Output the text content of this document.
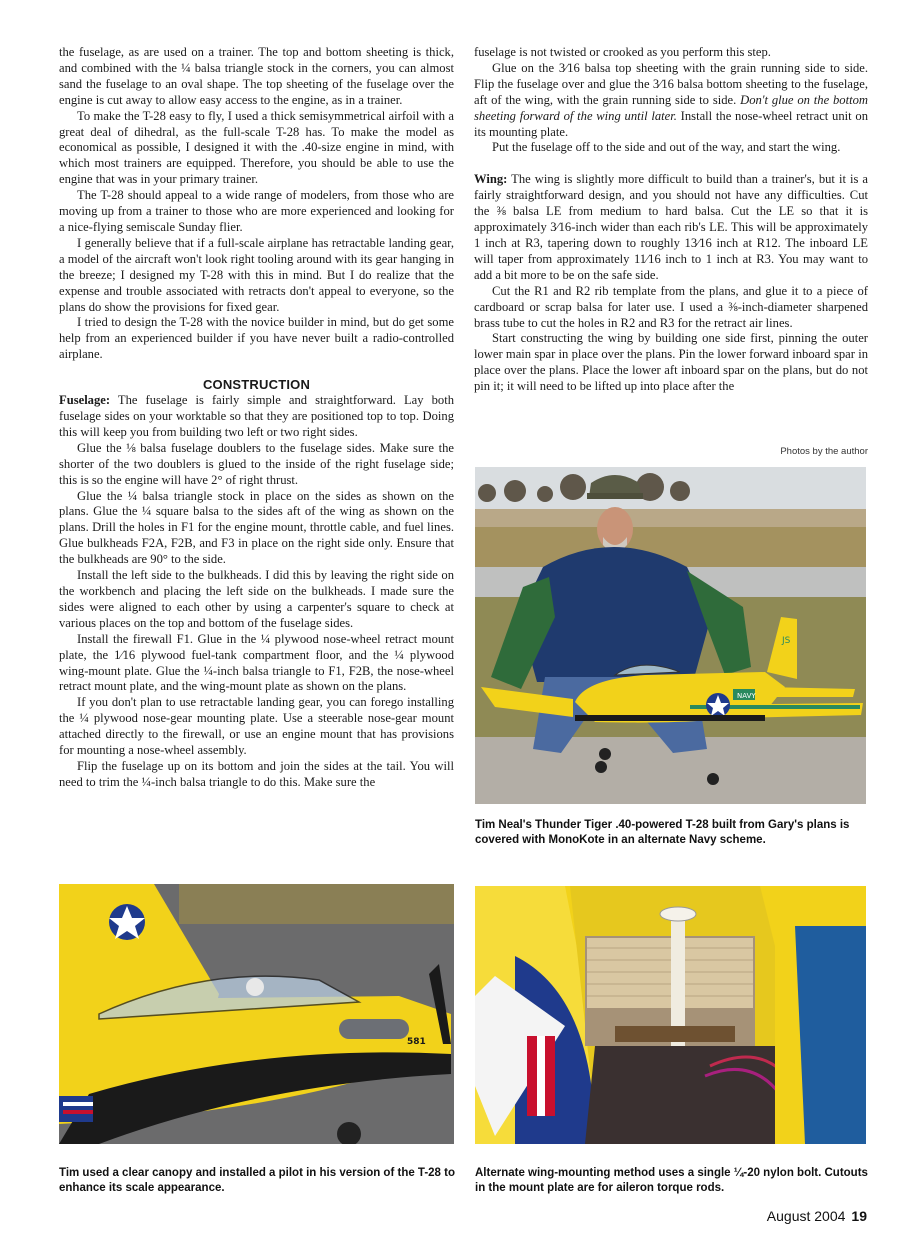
the fuselage, as are used on a trainer. The top and bottom sheeting is thick, and combined with the ¼ balsa triangle stock in the corners, you can almost sand the fuselage to an oval shape. The top sheeting of the fuselage over the engine is cut away to allow easy access to the engine, as in a trainer.

To make the T-28 easy to fly, I used a thick semisymmetrical airfoil with a great deal of dihedral, as the full-scale T-28 has. To make the model as economical as possible, I designed it with the .40-size engine in mind, with which most trainers are equipped. Therefore, you should be able to use the engine that was in your primary trainer.

The T-28 should appeal to a wide range of modelers, from those who are moving up from a trainer to those who are more experienced and looking for a nice-flying semiscale Sunday flier.

I generally believe that if a full-scale airplane has retractable landing gear, a model of the aircraft won't look right tooling around with its gear hanging in the breeze; I designed my T-28 with this in mind. But I do realize that the expense and trouble associated with retracts don't appeal to everyone, so the plans do show the provisions for fixed gear.

I tried to design the T-28 with the novice builder in mind, but do get some help from an experienced builder if you have never built a radio-controlled airplane.

CONSTRUCTION

Fuselage: The fuselage is fairly simple and straightforward. Lay both fuselage sides on your worktable so that they are positioned top to top. Doing this will keep you from building two left or two right sides.

Glue the ⅛ balsa fuselage doublers to the fuselage sides. Make sure the shorter of the two doublers is glued to the inside of the right fuselage side; this is so the engine will have 2° of right thrust.

Glue the ¼ balsa triangle stock in place on the sides as shown on the plans. Glue the ¼ square balsa to the sides aft of the wing as shown on the plans. Drill the holes in F1 for the engine mount, throttle cable, and fuel lines. Glue bulkheads F2A, F2B, and F3 in place on the right side only. Ensure that the bulkheads are 90° to the side.

Install the left side to the bulkheads. I did this by leaving the right side on the workbench and placing the left side on the bulkheads. I made sure the sides were aligned to each other by using a carpenter's square to check at various places on the top and bottom of the fuselage sides.

Install the firewall F1. Glue in the ¼ plywood nose-wheel retract mount plate, the 1⁄16 plywood fuel-tank compartment floor, and the ¼ plywood wing-mount plate. Glue the ¼-inch balsa triangle to F1, F2B, the nose-wheel retract mount plate, and the wing-mount plate as shown on the plans.

If you don't plan to use retractable landing gear, you can forego installing the ¼ plywood nose-gear mounting plate. Use a steerable nose-gear mount attached directly to the firewall, or use an engine mount that has provisions for mounting a nose-wheel assembly.

Flip the fuselage up on its bottom and join the sides at the tail. You will need to trim the ¼-inch balsa triangle to do this. Make sure the

fuselage is not twisted or crooked as you perform this step.

Glue on the 3⁄16 balsa top sheeting with the grain running side to side. Flip the fuselage over and glue the 3⁄16 balsa bottom sheeting to the fuselage, aft of the wing, with the grain running side to side. Don't glue on the bottom sheeting forward of the wing until later. Install the nose-wheel retract unit on its mounting plate.

Put the fuselage off to the side and out of the way, and start the wing.

Wing: The wing is slightly more difficult to build than a trainer's, but it is a fairly straightforward design, and you should not have any difficulties. Cut the ⅜ balsa LE from medium to hard balsa. Cut the LE so that it is approximately 3⁄16-inch wider than each rib's LE. This will be approximately 1 inch at R3, tapering down to roughly 13⁄16 inch at R12. The inboard LE will taper from approximately 11⁄16 inch to 1 inch at R3. You may want to add a bit more to be on the safe side.

Cut the R1 and R2 rib template from the plans, and glue it to a piece of cardboard or scrap balsa for later use. I used a ⅜-inch-diameter sharpened brass tube to cut the holes in R2 and R3 for the retract air lines.

Start constructing the wing by building one side first, pinning the outer lower main spar in place over the plans. Pin the lower forward inboard spar in place over the plans. Place the lower aft inboard spar on the plans, but do not pin it; it will need to be lifted up into place after the

Photos by the author
JS
NAVY
Tim Neal's Thunder Tiger .40-powered T-28 built from Gary's plans is covered with MonoKote in an alternate Navy scheme.
581
Tim used a clear canopy and installed a pilot in his version of the T-28 to enhance its scale appearance.
Alternate wing-mounting method uses a single ¼-20 nylon bolt. Cutouts in the mount plate are for aileron torque rods.
August 2004 19
